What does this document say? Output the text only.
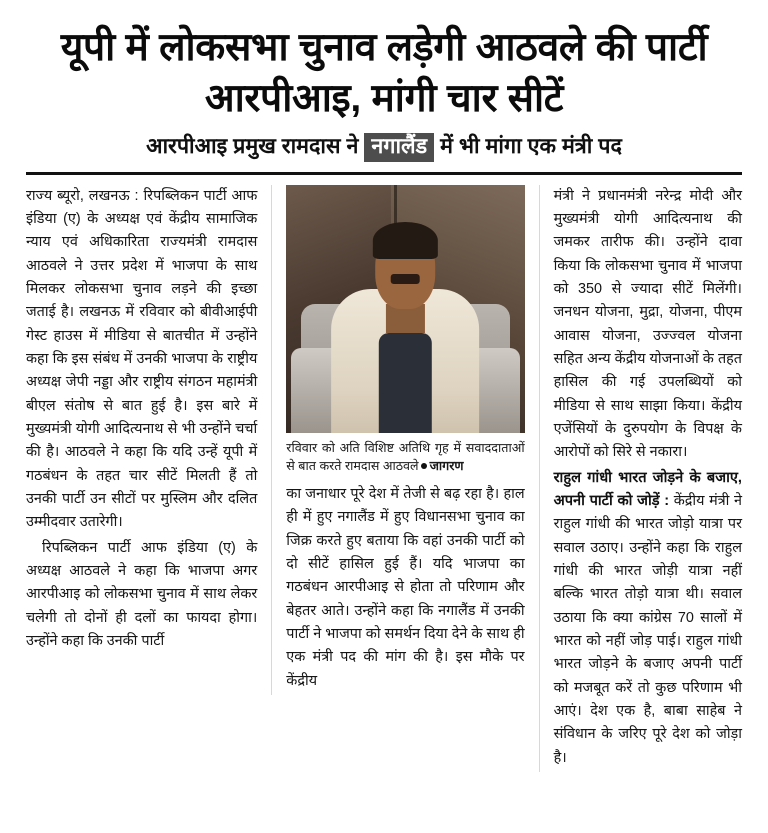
यूपी में लोकसभा चुनाव लड़ेगी आठवले की पार्टी आरपीआइ, मांगी चार सीटें
आरपीआइ प्रमुख रामदास ने नगालैंड में भी मांगा एक मंत्री पद

राज्य ब्यूरो, लखनऊ : रिपब्लिकन पार्टी आफ इंडिया (ए) के अध्यक्ष एवं केंद्रीय सामाजिक न्याय एवं अधिकारिता राज्यमंत्री रामदास आठवले ने उत्तर प्रदेश में भाजपा के साथ मिलकर लोकसभा चुनाव लड़ने की इच्छा जताई है। लखनऊ में रविवार को बीवीआईपी गेस्ट हाउस में मीडिया से बातचीत में उन्होंने कहा कि इस संबंध में उनकी भाजपा के राष्ट्रीय अध्यक्ष जेपी नड्डा और राष्ट्रीय संगठन महामंत्री बीएल संतोष से बात हुई है। इस बारे में मुख्यमंत्री योगी आदित्यनाथ से भी उन्होंने चर्चा की है। आठवले ने कहा कि यदि उन्हें यूपी में गठबंधन के तहत चार सीटें मिलती हैं तो उनकी पार्टी उन सीटों पर मुस्लिम और दलित उम्मीदवार उतारेगी।

रिपब्लिकन पार्टी आफ इंडिया (ए) के अध्यक्ष आठवले ने कहा कि भाजपा अगर आरपीआइ को लोकसभा चुनाव में साथ लेकर चलेगी तो दोनों ही दलों का फायदा होगा। उन्होंने कहा कि उनकी पार्टी

रविवार को अति विशिष्ट अतिथि गृह में सवाददाताओं से बात करते रामदास आठवले जागरण

का जनाधार पूरे देश में तेजी से बढ़ रहा है। हाल ही में हुए नगालैंड में हुए विधानसभा चुनाव का जिक्र करते हुए बताया कि वहां उनकी पार्टी को दो सीटें हासिल हुई हैं। यदि भाजपा का गठबंधन आरपीआइ से होता तो परिणाम और बेहतर आते। उन्होंने कहा कि नगालैंड में उनकी पार्टी ने भाजपा को समर्थन दिया देने के साथ ही एक मंत्री पद की मांग की है। इस मौके पर केंद्रीय

मंत्री ने प्रधानमंत्री नरेन्द्र मोदी और मुख्यमंत्री योगी आदित्यनाथ की जमकर तारीफ की। उन्होंने दावा किया कि लोकसभा चुनाव में भाजपा को 350 से ज्यादा सीटें मिलेंगी। जनधन योजना, मुद्रा, योजना, पीएम आवास योजना, उज्ज्वल योजना सहित अन्य केंद्रीय योजनाओं के तहत हासिल की गई उपलब्धियों को मीडिया से साथ साझा किया। केंद्रीय एजेंसियों के दुरुपयोग के विपक्ष के आरोपों को सिरे से नकारा।

राहुल गांधी भारत जोड़ने के बजाए, अपनी पार्टी को जोड़ें : केंद्रीय मंत्री ने राहुल गांधी की भारत जोड़ो यात्रा पर सवाल उठाए। उन्होंने कहा कि राहुल गांधी की भारत जोड़ी यात्रा नहीं बल्कि भारत तोड़ो यात्रा थी। सवाल उठाया कि क्या कांग्रेस 70 सालों में भारत को नहीं जोड़ पाई। राहुल गांधी भारत जोड़ने के बजाए अपनी पार्टी को मजबूत करें तो कुछ परिणाम भी आएं। देश एक है, बाबा साहेब ने संविधान के जरिए पूरे देश को जोड़ा है।
